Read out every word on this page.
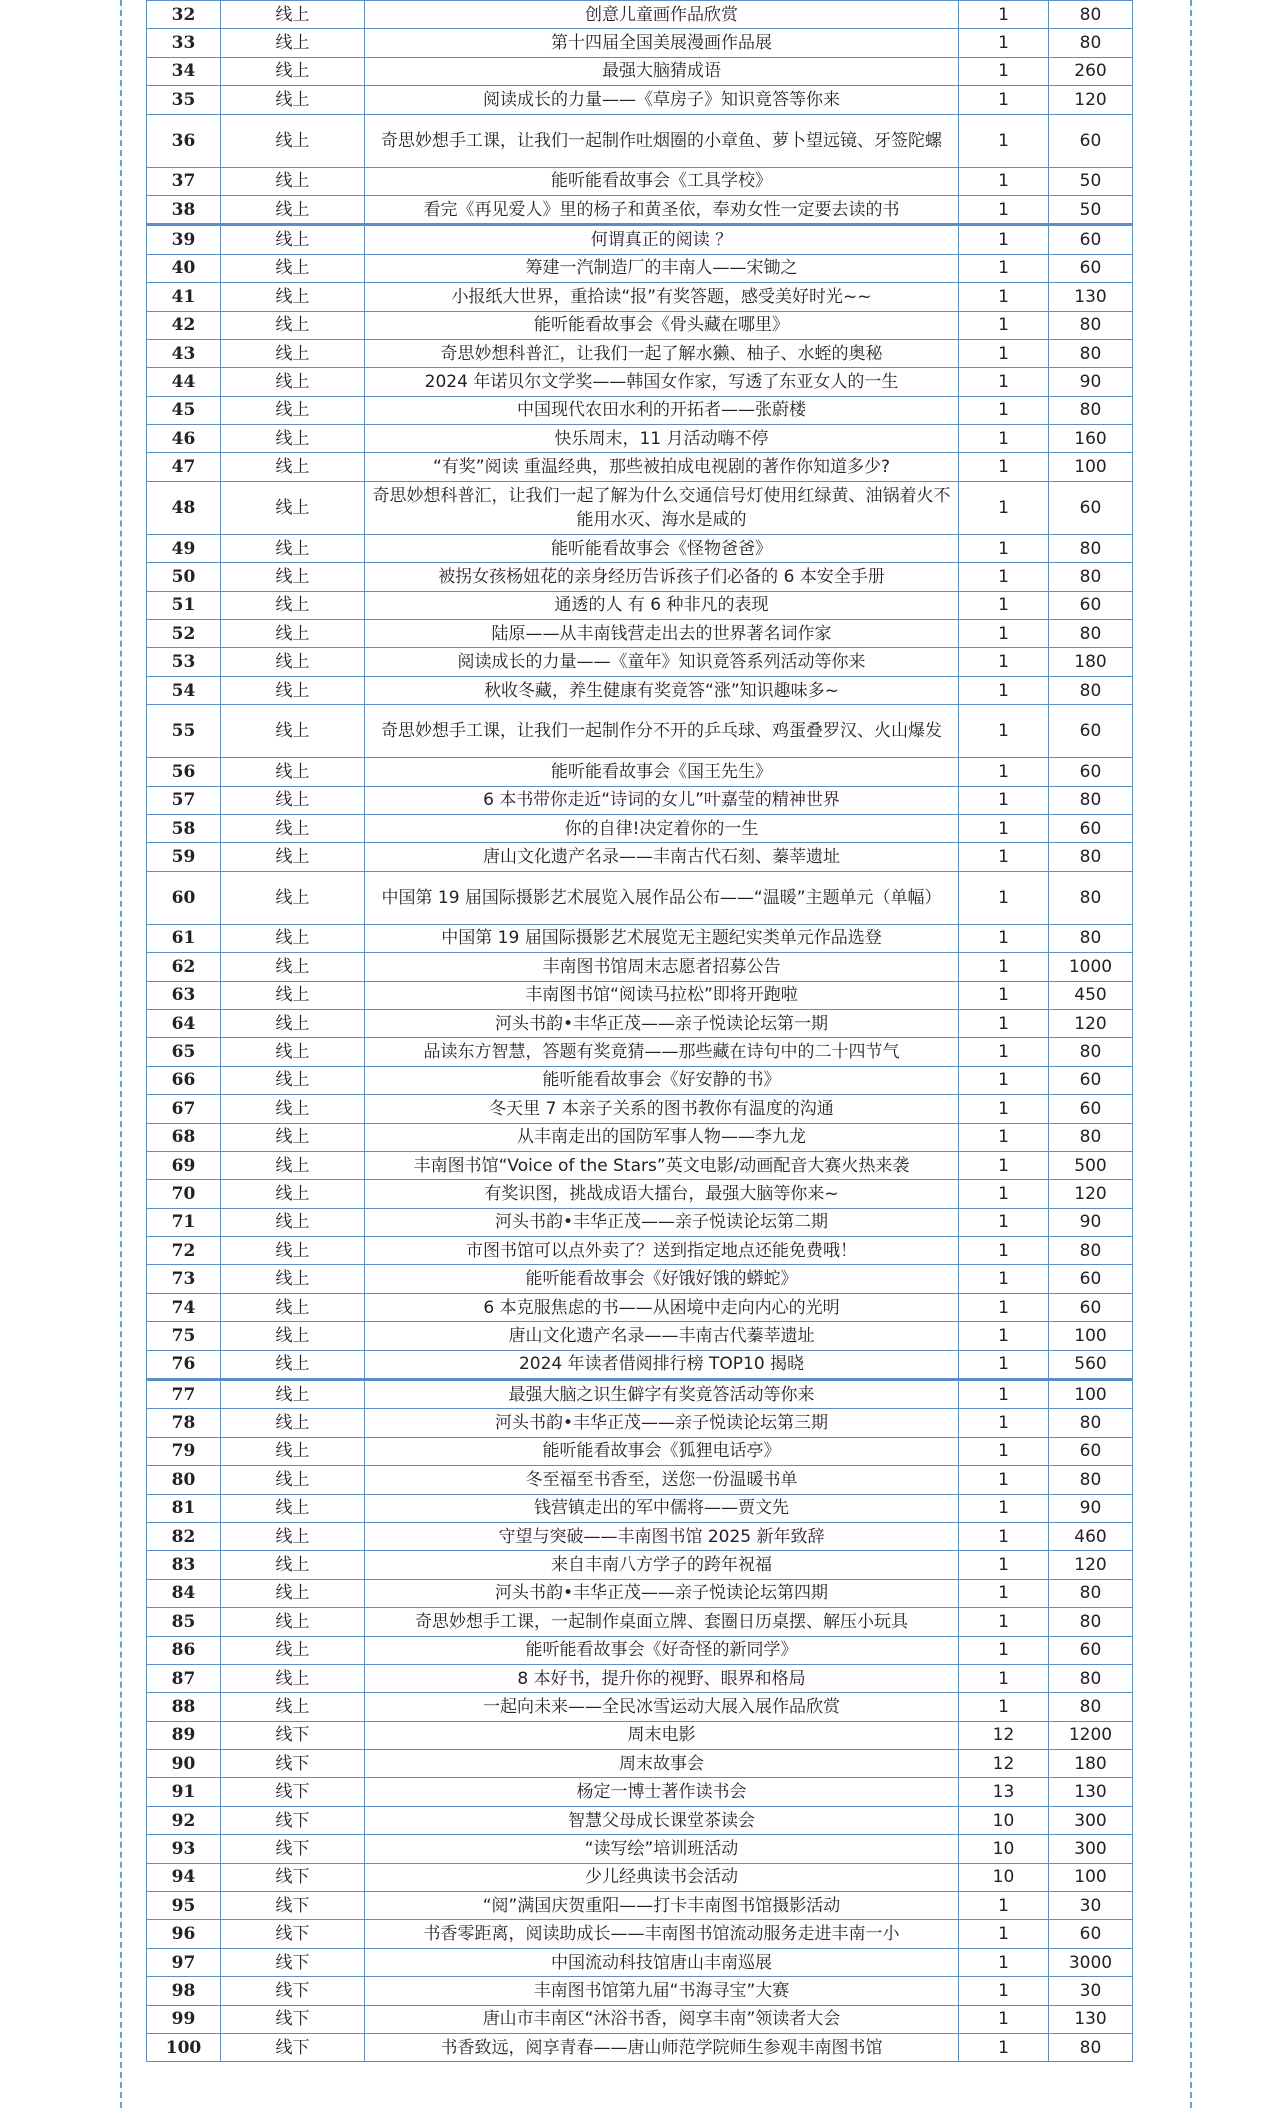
32	线上	创意儿童画作品欣赏	1	80
33	线上	第十四届全国美展漫画作品展	1	80
34	线上	最强大脑猜成语	1	260
35	线上	阅读成长的力量——《草房子》知识竟答等你来	1	120
36	线上	奇思妙想手工课，让我们一起制作吐烟圈的小章鱼、萝卜望远镜、牙签陀螺	1	60
37	线上	能听能看故事会《工具学校》	1	50
38	线上	看完《再见爱人》里的杨子和黄圣依，奉劝女性一定要去读的书	1	50
39	线上	何谓真正的阅读 ？	1	60
40	线上	筹建一汽制造厂的丰南人——宋锄之	1	60
41	线上	小报纸大世界，重拾读“报”有奖答题，感受美好时光~~	1	130
42	线上	能听能看故事会《骨头藏在哪里》	1	80
43	线上	奇思妙想科普汇，让我们一起了解水獭、柚子、水蛭的奥秘	1	80
44	线上	2024 年诺贝尔文学奖——韩国女作家，写透了东亚女人的一生	1	90
45	线上	中国现代农田水利的开拓者——张蔚楼	1	80
46	线上	快乐周末，11 月活动嗨不停	1	160
47	线上	“有奖”阅读 重温经典，那些被拍成电视剧的著作你知道多少?	1	100
48	线上	奇思妙想科普汇，让我们一起了解为什么交通信号灯使用红绿黄、油锅着火不能用水灭、海水是咸的	1	60
49	线上	能听能看故事会《怪物爸爸》	1	80
50	线上	被拐女孩杨妞花的亲身经历告诉孩子们必备的 6 本安全手册	1	80
51	线上	通透的人 有 6 种非凡的表现	1	60
52	线上	陆原——从丰南钱营走出去的世界著名词作家	1	80
53	线上	阅读成长的力量——《童年》知识竟答系列活动等你来	1	180
54	线上	秋收冬藏，养生健康有奖竟答“涨”知识趣味多~	1	80
55	线上	奇思妙想手工课，让我们一起制作分不开的乒乓球、鸡蛋叠罗汉、火山爆发	1	60
56	线上	能听能看故事会《国王先生》	1	60
57	线上	6 本书带你走近“诗词的女儿”叶嘉莹的精神世界	1	80
58	线上	你的自律!决定着你的一生	1	60
59	线上	唐山文化遗产名录——丰南古代石刻、蓁莘遗址	1	80
60	线上	中国第 19 届国际摄影艺术展览入展作品公布——“温暖”主题单元（单幅）	1	80
61	线上	中国第 19 届国际摄影艺术展览无主题纪实类单元作品选登	1	80
62	线上	丰南图书馆周末志愿者招募公告	1	1000
63	线上	丰南图书馆“阅读马拉松”即将开跑啦	1	450
64	线上	河头书韵•丰华正茂——亲子悦读论坛第一期	1	120
65	线上	品读东方智慧，答题有奖竟猜——那些藏在诗句中的二十四节气	1	80
66	线上	能听能看故事会《好安静的书》	1	60
67	线上	冬天里 7 本亲子关系的图书教你有温度的沟通	1	60
68	线上	从丰南走出的国防军事人物——李九龙	1	80
69	线上	丰南图书馆“Voice of the Stars”英文电影/动画配音大赛火热来袭	1	500
70	线上	有奖识图，挑战成语大擂台，最强大脑等你来~	1	120
71	线上	河头书韵•丰华正茂——亲子悦读论坛第二期	1	90
72	线上	市图书馆可以点外卖了？送到指定地点还能免费哦！	1	80
73	线上	能听能看故事会《好饿好饿的蟒蛇》	1	60
74	线上	6 本克服焦虑的书——从困境中走向内心的光明	1	60
75	线上	唐山文化遗产名录——丰南古代蓁莘遗址	1	100
76	线上	2024 年读者借阅排行榜 TOP10 揭晓	1	560
77	线上	最强大脑之识生僻字有奖竟答活动等你来	1	100
78	线上	河头书韵•丰华正茂——亲子悦读论坛第三期	1	80
79	线上	能听能看故事会《狐狸电话亭》	1	60
80	线上	冬至福至书香至，送您一份温暖书单	1	80
81	线上	钱营镇走出的军中儒将——贾文先	1	90
82	线上	守望与突破——丰南图书馆 2025 新年致辞	1	460
83	线上	来自丰南八方学子的跨年祝福	1	120
84	线上	河头书韵•丰华正茂——亲子悦读论坛第四期	1	80
85	线上	奇思妙想手工课，一起制作桌面立牌、套圈日历桌摆、解压小玩具	1	80
86	线上	能听能看故事会《好奇怪的新同学》	1	60
87	线上	8 本好书，提升你的视野、眼界和格局	1	80
88	线上	一起向未来——全民冰雪运动大展入展作品欣赏	1	80
89	线下	周末电影	12	1200
90	线下	周末故事会	12	180
91	线下	杨定一博士著作读书会	13	130
92	线下	智慧父母成长课堂茶读会	10	300
93	线下	“读写绘”培训班活动	10	300
94	线下	少儿经典读书会活动	10	100
95	线下	“阅”满国庆贺重阳——打卡丰南图书馆摄影活动	1	30
96	线下	书香零距离，阅读助成长——丰南图书馆流动服务走进丰南一小	1	60
97	线下	中国流动科技馆唐山丰南巡展	1	3000
98	线下	丰南图书馆第九届“书海寻宝”大赛	1	30
99	线下	唐山市丰南区“沐浴书香，阅享丰南”领读者大会	1	130
100	线下	书香致远，阅享青春——唐山师范学院师生参观丰南图书馆	1	80
